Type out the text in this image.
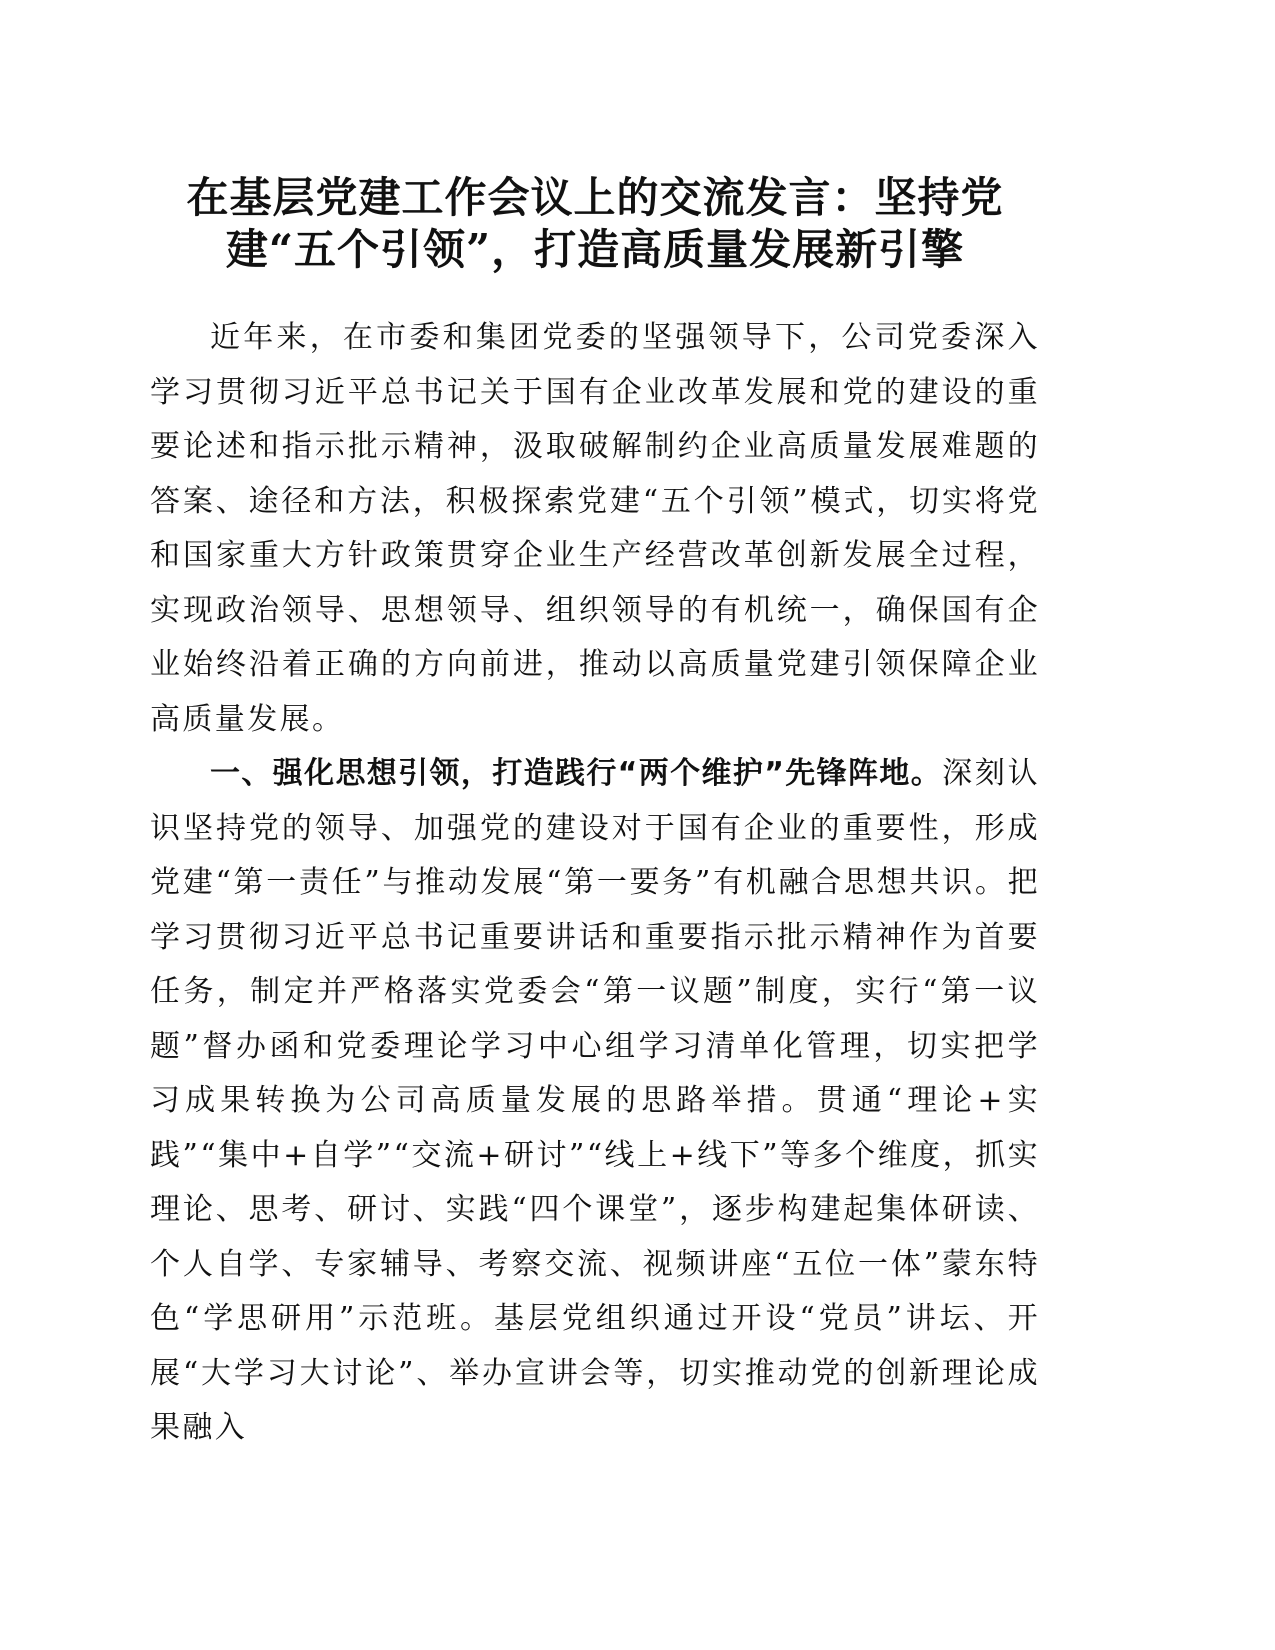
在基层党建工作会议上的交流发言：坚持党
建“五个引领”，打造高质量发展新引擎

近年来，在市委和集团党委的坚强领导下，公司党委深入学习贯彻习近平总书记关于国有企业改革发展和党的建设的重要论述和指示批示精神，汲取破解制约企业高质量发展难题的答案、途径和方法，积极探索党建“五个引领”模式，切实将党和国家重大方针政策贯穿企业生产经营改革创新发展全过程，实现政治领导、思想领导、组织领导的有机统一，确保国有企业始终沿着正确的方向前进，推动以高质量党建引领保障企业高质量发展。

一、强化思想引领，打造践行“两个维护”先锋阵地。深刻认识坚持党的领导、加强党的建设对于国有企业的重要性，形成党建“第一责任”与推动发展“第一要务”有机融合思想共识。把学习贯彻习近平总书记重要讲话和重要指示批示精神作为首要任务，制定并严格落实党委会“第一议题”制度，实行“第一议题”督办函和党委理论学习中心组学习清单化管理，切实把学习成果转换为公司高质量发展的思路举措。贯通“理论+实践”“集中+自学”“交流+研讨”“线上+线下”等多个维度，抓实理论、思考、研讨、实践“四个课堂”，逐步构建起集体研读、个人自学、专家辅导、考察交流、视频讲座“五位一体”蒙东特色“学思研用”示范班。基层党组织通过开设“党员”讲坛、开展“大学习大讨论”、举办宣讲会等，切实推动党的创新理论成果融入
